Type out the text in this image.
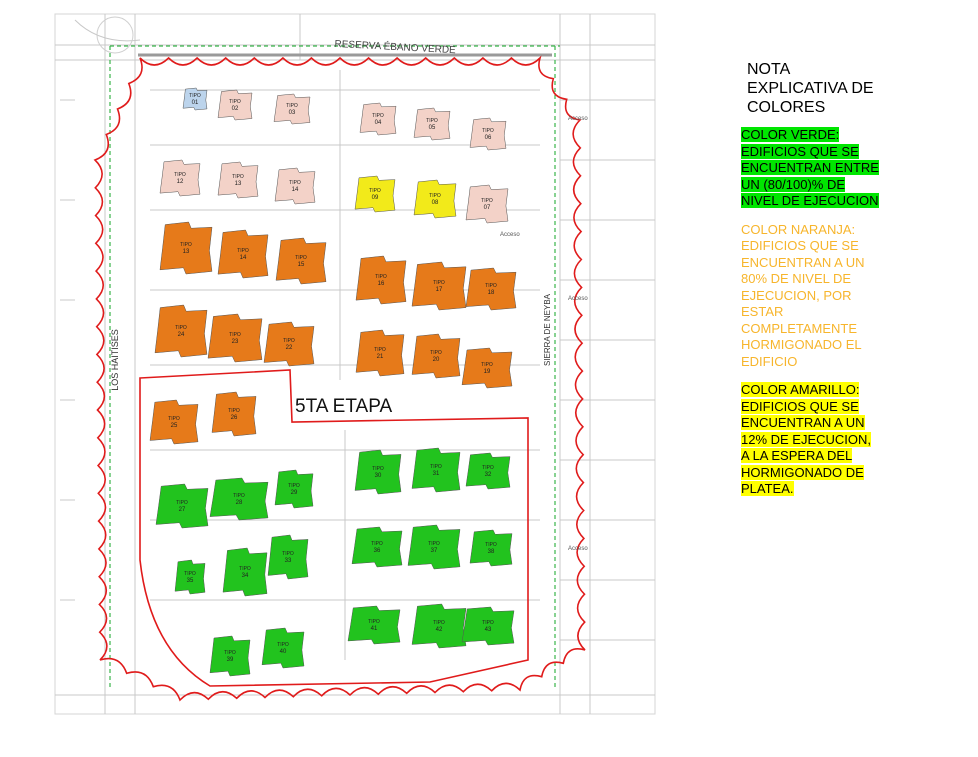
RESERVA ÉBANO VERDE
LOS HAITISES	SIERRA DE NEYBA
5TA ETAPA
Acceso
Acceso
Acceso
Acceso
TIPO
01	TIPO
02	TIPO
03	TIPO
04	TIPO
05	TIPO
06
TIPO
12
TIPO
13	TIPO
14	TIPO
09	TIPO
08	TIPO
07
TIPO
13	TIPO
14	TIPO
15
TIPO
16	TIPO
17
TIPO
18
TIPO
24	TIPO
23	TIPO
22	TIPO
21
TIPO
20
TIPO
19
TIPO
25
TIPO
26
TIPO
30
TIPO
31
TIPO
32
TIPO
27
TIPO
28
TIPO
29
TIPO
35
TIPO
34
TIPO
33
TIPO
36
TIPO
37
TIPO
38
TIPO
41
TIPO
42
TIPO
43
TIPO
39
TIPO
40
NOTA
EXPLICATIVA DE
COLORES
COLOR VERDE:
EDIFICIOS QUE SE
ENCUENTRAN ENTRE
UN (80/100)% DE
NIVEL DE EJECUCION
COLOR NARANJA:
EDIFICIOS QUE SE
ENCUENTRAN A UN
80% DE NIVEL DE
EJECUCION, POR
ESTAR
COMPLETAMENTE
HORMIGONADO EL
EDIFICIO
COLOR AMARILLO:
EDIFICIOS QUE SE
ENCUENTRAN A UN
12% DE EJECUCION,
A LA ESPERA DEL
HORMIGONADO DE
PLATEA.
